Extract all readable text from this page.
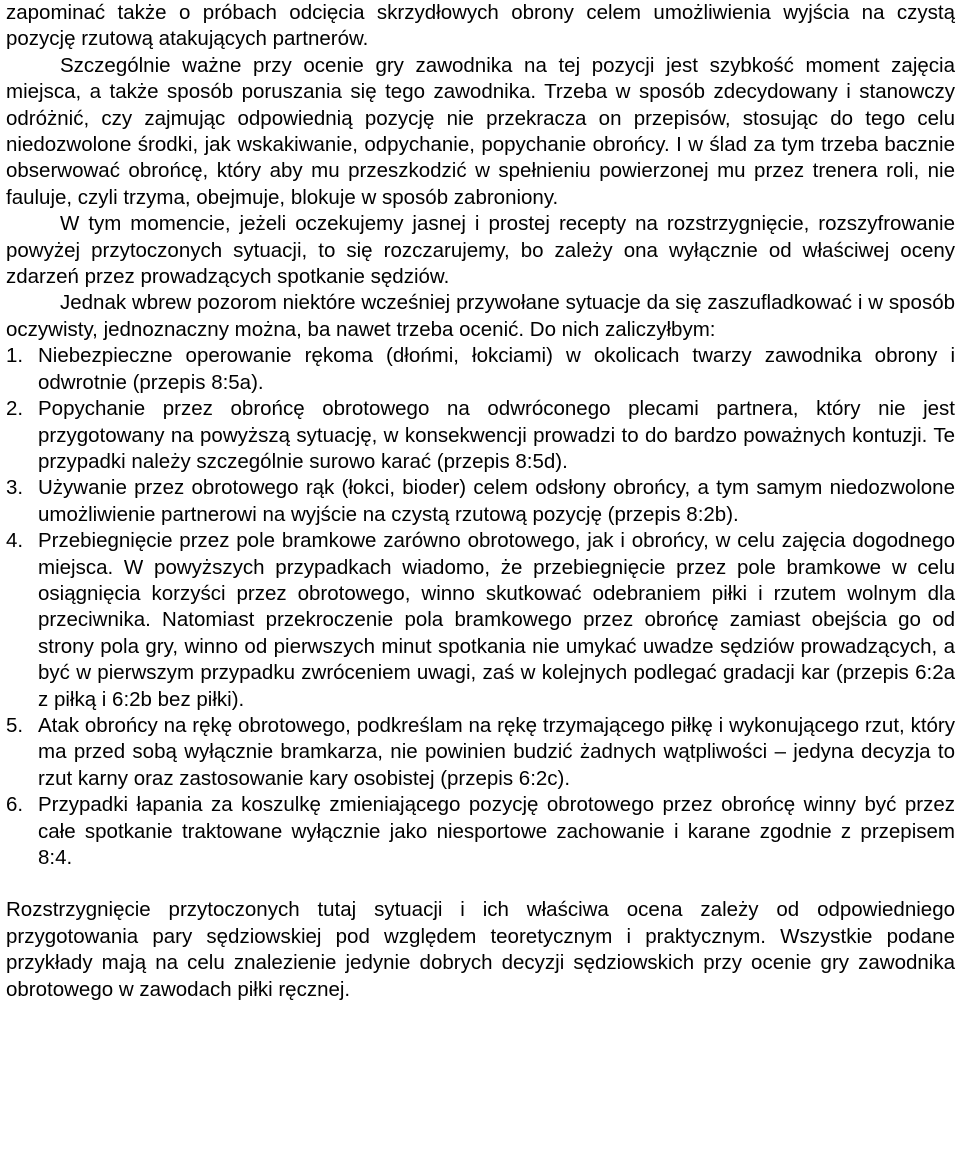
zapominać także o próbach odcięcia skrzydłowych obrony celem umożliwienia wyjścia na czystą pozycję rzutową atakujących partnerów.

Szczególnie ważne przy ocenie gry zawodnika na tej pozycji jest szybkość moment zajęcia miejsca, a także sposób poruszania się tego zawodnika. Trzeba w sposób zdecydowany i stanowczy odróżnić, czy zajmując odpowiednią pozycję nie przekracza on przepisów, stosując do tego celu niedozwolone środki, jak wskakiwanie, odpychanie, popychanie obrońcy. I w ślad za tym trzeba bacznie obserwować obrońcę, który aby mu przeszkodzić w spełnieniu powierzonej mu przez trenera roli, nie fauluje, czyli trzyma, obejmuje, blokuje w sposób zabroniony.

W tym momencie, jeżeli oczekujemy jasnej i prostej recepty na rozstrzygnięcie, rozszyfrowanie powyżej przytoczonych sytuacji, to się rozczarujemy, bo zależy ona wyłącznie od właściwej oceny zdarzeń przez prowadzących spotkanie sędziów.

Jednak wbrew pozorom niektóre wcześniej przywołane sytuacje da się zaszufladkować i w sposób oczywisty, jednoznaczny można, ba nawet trzeba ocenić. Do nich zaliczyłbym:

1. Niebezpieczne operowanie rękoma (dłońmi, łokciami) w okolicach twarzy zawodnika obrony i odwrotnie (przepis 8:5a).

2. Popychanie przez obrońcę obrotowego na odwróconego plecami partnera, który nie jest przygotowany na powyższą sytuację, w konsekwencji prowadzi to do bardzo poważnych kontuzji. Te przypadki należy szczególnie surowo karać (przepis 8:5d).

3. Używanie przez obrotowego rąk (łokci, bioder) celem odsłony obrońcy, a tym samym niedozwolone umożliwienie partnerowi na wyjście na czystą rzutową pozycję (przepis 8:2b).

4. Przebiegnięcie przez pole bramkowe zarówno obrotowego, jak i obrońcy, w celu zajęcia dogodnego miejsca. W powyższych przypadkach wiadomo, że przebiegnięcie przez pole bramkowe w celu osiągnięcia korzyści przez obrotowego, winno skutkować odebraniem piłki i rzutem wolnym dla przeciwnika. Natomiast przekroczenie pola bramkowego przez obrońcę zamiast obejścia go od strony pola gry, winno od pierwszych minut spotkania nie umykać uwadze sędziów prowadzących, a być w pierwszym przypadku zwróceniem uwagi, zaś w kolejnych podlegać gradacji kar (przepis 6:2a z piłką i 6:2b bez piłki).

5. Atak obrońcy na rękę obrotowego, podkreślam na rękę trzymającego piłkę i wykonującego rzut, który ma przed sobą wyłącznie bramkarza, nie powinien budzić żadnych wątpliwości – jedyna decyzja to rzut karny oraz zastosowanie kary osobistej (przepis 6:2c).

6. Przypadki łapania za koszulkę zmieniającego pozycję obrotowego przez obrońcę winny być przez całe spotkanie traktowane wyłącznie jako niesportowe zachowanie i karane zgodnie z przepisem 8:4.

Rozstrzygnięcie przytoczonych tutaj sytuacji i ich właściwa ocena zależy od odpowiedniego przygotowania pary sędziowskiej pod względem teoretycznym i praktycznym. Wszystkie podane przykłady mają na celu znalezienie jedynie dobrych decyzji sędziowskich przy ocenie gry zawodnika obrotowego w zawodach piłki ręcznej.
